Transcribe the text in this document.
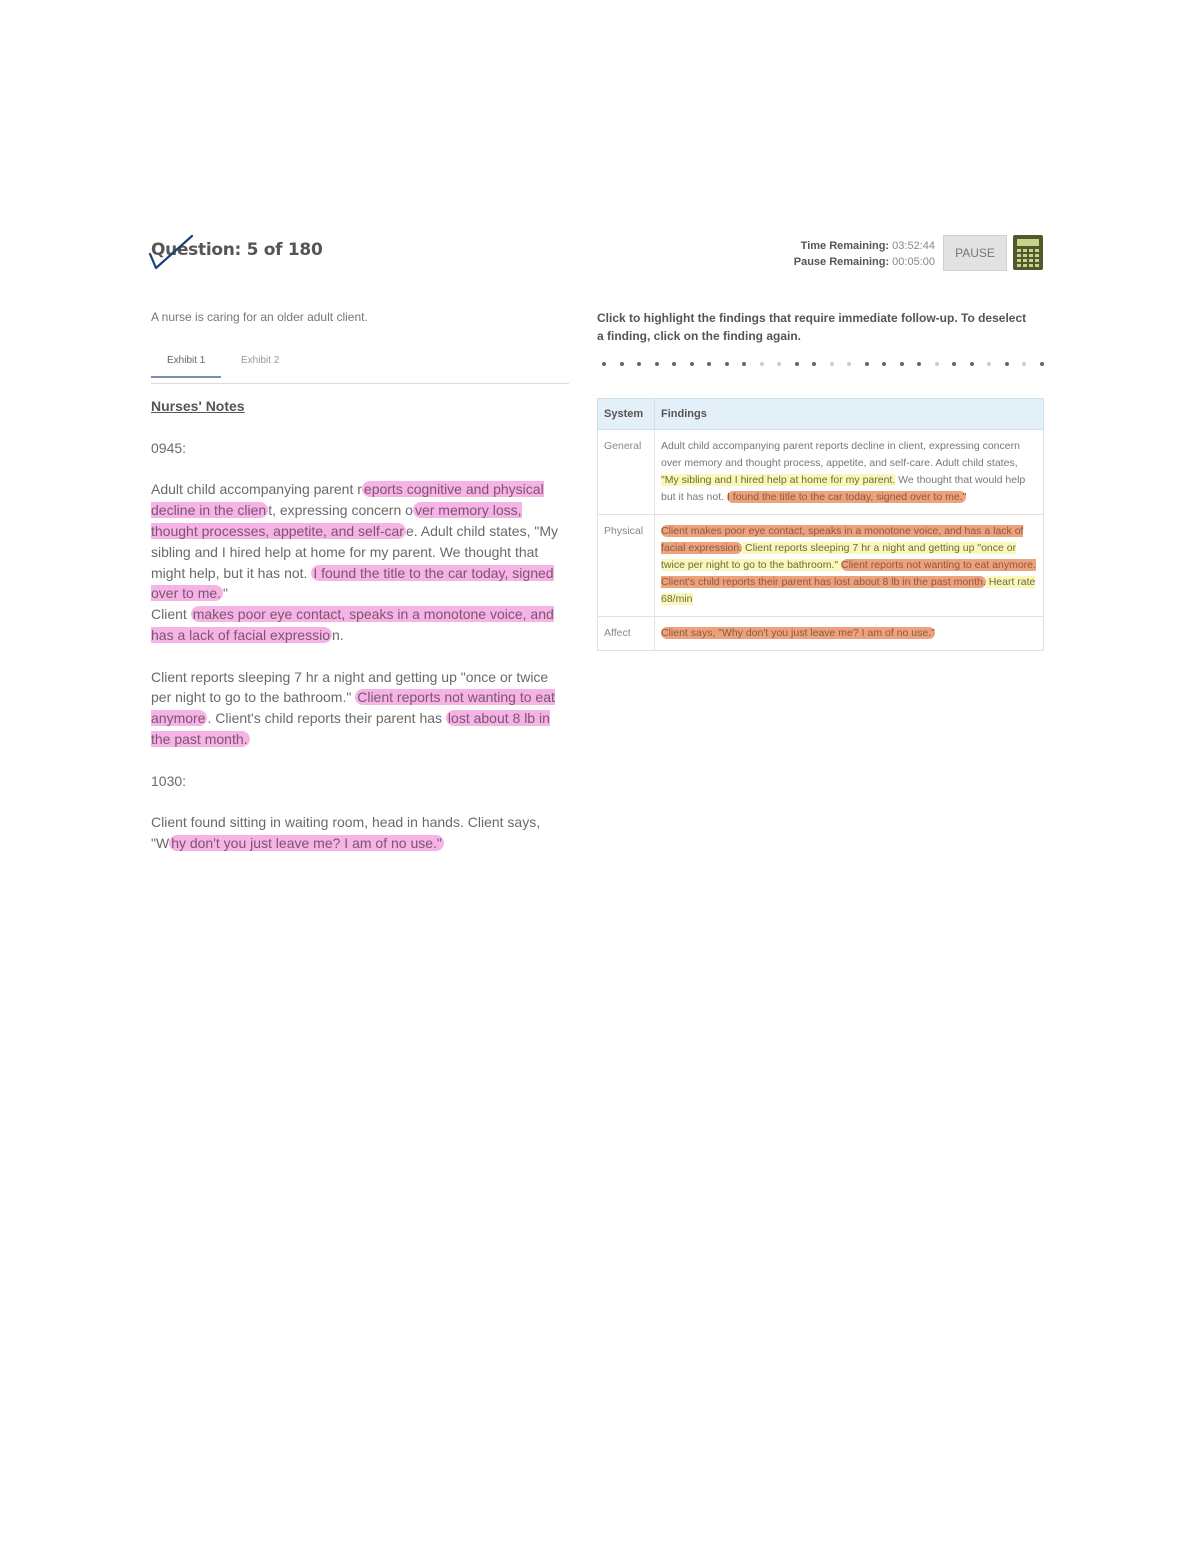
Question: 5 of 180	Time Remaining: 03:52:44
Pause Remaining: 00:05:00
PAUSE
A nurse is caring for an older adult client.
Exhibit 1	Exhibit 2
Nurses' Notes

0945:

Adult child accompanying parent r eports cognitive and physical decline in the clien t, expressing concern o ver memory loss, thought processes, appetite, and self-car e. Adult child states, "My sibling and I hired help at home for my parent. We thought that might help, but it has not. I found the title to the car today, signed over to me. "
Client makes poor eye contact, speaks in a monotone voice, and has a lack of facial expressio n.

Client reports sleeping 7 hr a night and getting up "once or twice per night to go to the bathroom." Client reports not wanting to eat anymore . Client's child reports their parent has lost about 8 lb in the past month.

1030:

Client found sitting in waiting room, head in hands. Client says, "W hy don't you just leave me? I am of no use."

Click to highlight the findings that require immediate follow-up. To deselect a finding, click on the finding again.
System	Findings
General	Adult child accompanying parent reports decline in client, expressing concern over memory and thought process, appetite, and self-care. Adult child states, "My sibling and I hired help at home for my parent. We thought that would help but it has not. I found the title to the car today, signed over to me."
Physical	Client makes poor eye contact, speaks in a monotone voice, and has a lack of facial expression. Client reports sleeping 7 hr a night and getting up "once or twice per night to go to the bathroom." Client reports not wanting to eat anymore. Client's child reports their parent has lost about 8 lb in the past month. Heart rate 68/min
Affect	Client says, "Why don't you just leave me? I am of no use."
